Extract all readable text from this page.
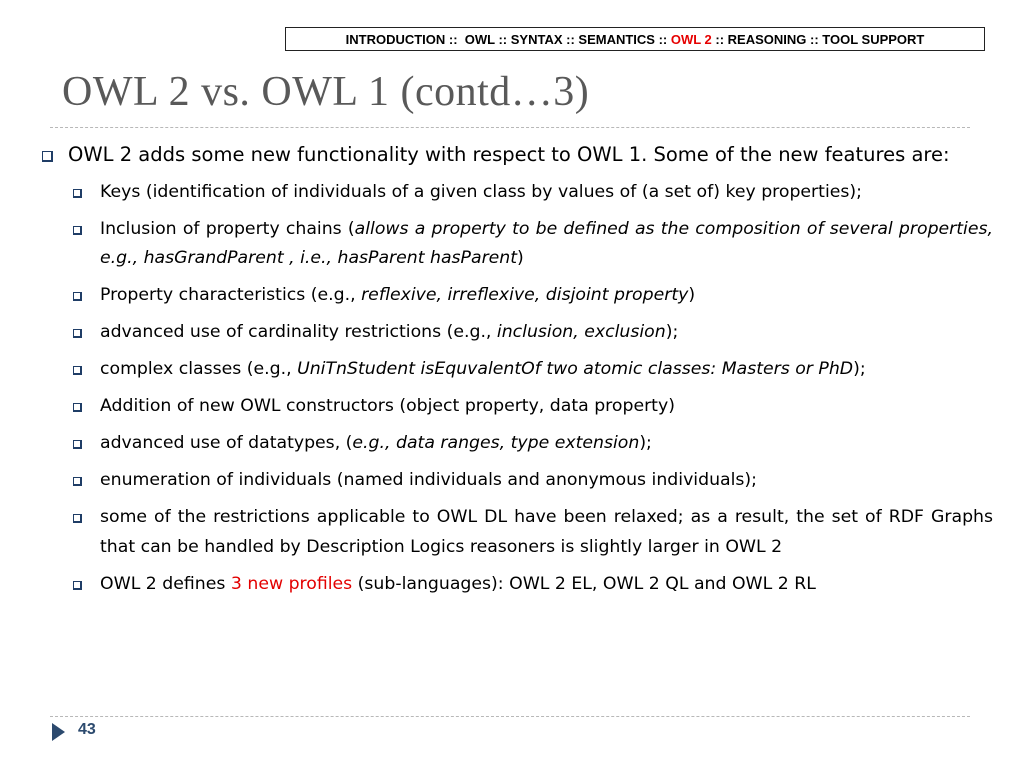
INTRODUCTION ::  OWL :: SYNTAX :: SEMANTICS :: OWL 2 :: REASONING :: TOOL SUPPORT
OWL 2 vs. OWL 1 (contd…3)
OWL 2 adds some new functionality with respect to OWL 1. Some of the new features are:
Keys (identification of individuals of a given class by values of (a set of) key properties);
Inclusion of property chains (allows a property to be defined as the composition of several properties, e.g., hasGrandParent , i.e., hasParent hasParent)
Property characteristics (e.g., reflexive, irreflexive, disjoint property)
advanced use of cardinality restrictions (e.g., inclusion, exclusion);
complex classes (e.g., UniTnStudent isEquvalentOf two atomic classes: Masters or PhD);
Addition of new OWL constructors (object property, data property)
advanced use of datatypes, (e.g., data ranges, type extension);
enumeration of individuals (named individuals and anonymous individuals);
some of the restrictions applicable to OWL DL have been relaxed; as a result, the set of RDF Graphs that can be handled by Description Logics reasoners is slightly larger in OWL 2
OWL 2 defines 3 new profiles (sub-languages): OWL 2 EL, OWL 2 QL and OWL 2 RL
43
